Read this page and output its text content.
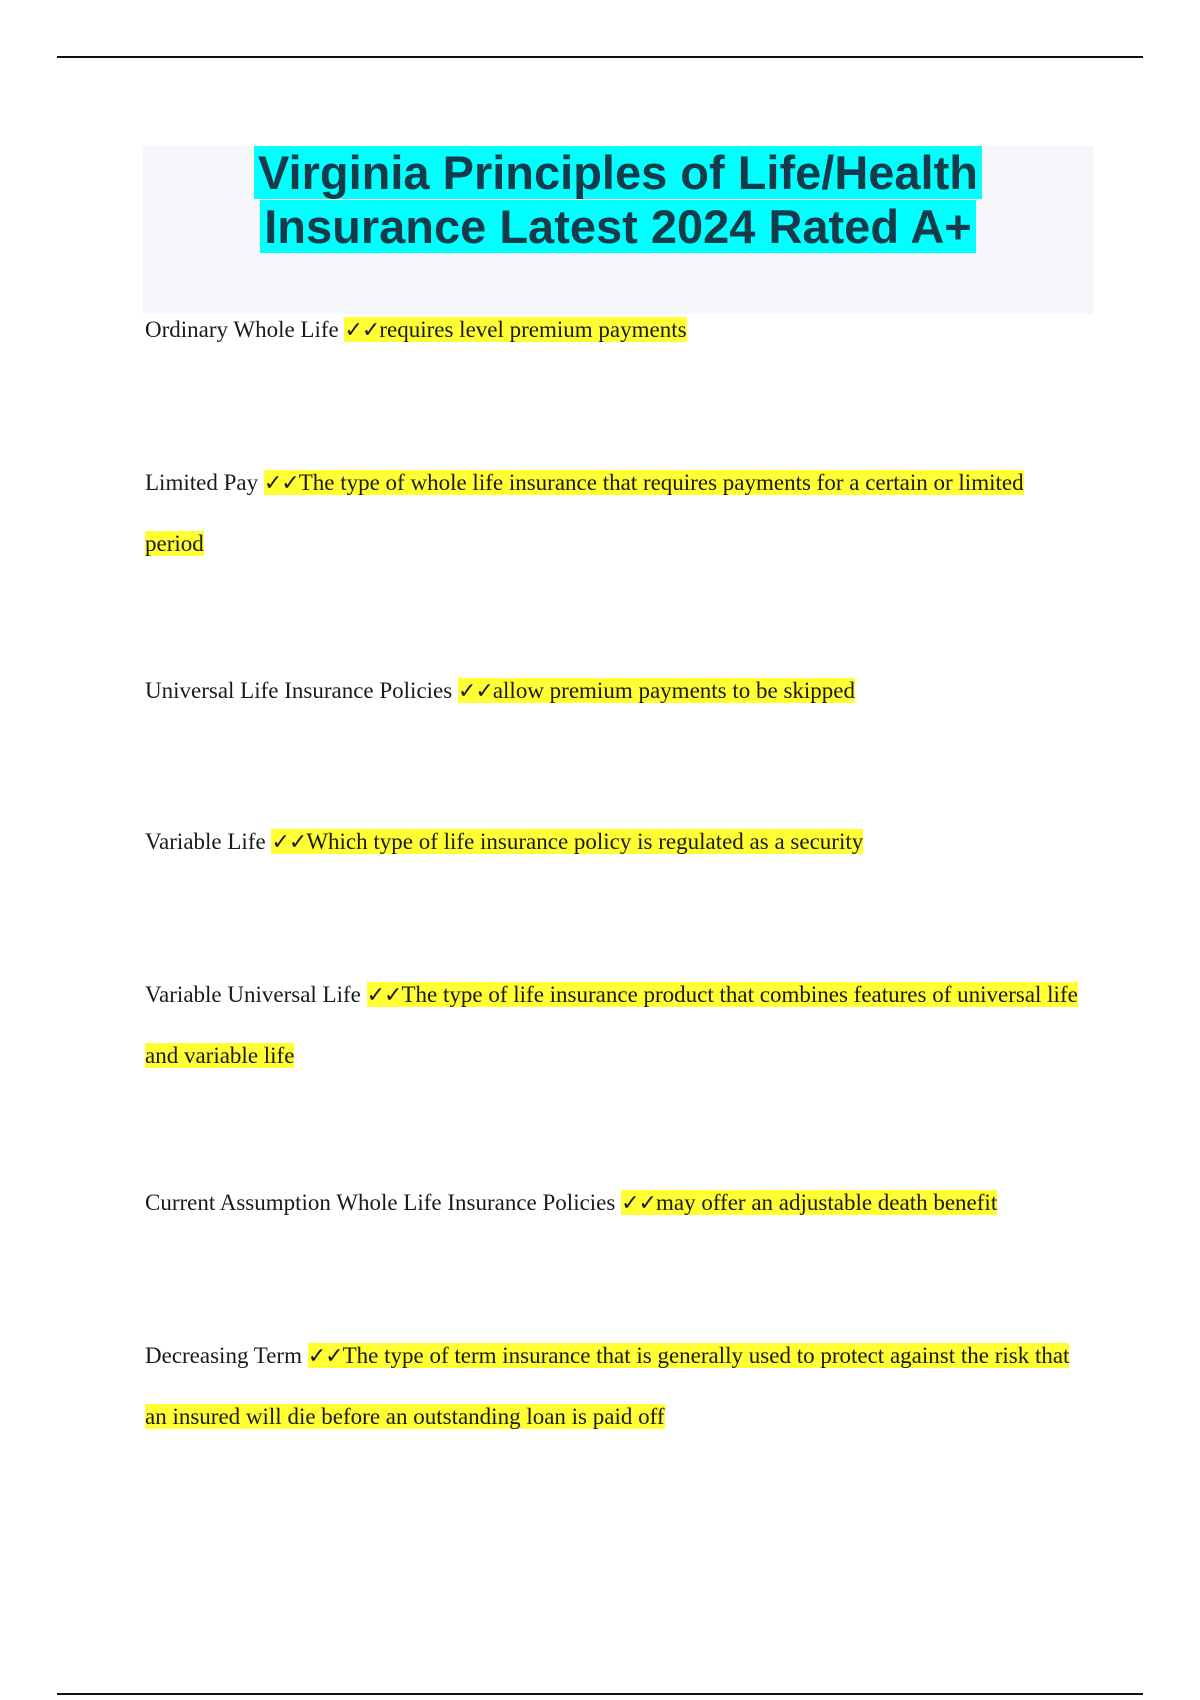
Virginia Principles of Life/Health
Insurance Latest 2024 Rated A+
Ordinary Whole Life ✓✓requires level premium payments
Limited Pay ✓✓The type of whole life insurance that requires payments for a certain or limited period
Universal Life Insurance Policies ✓✓allow premium payments to be skipped
Variable Life ✓✓Which type of life insurance policy is regulated as a security
Variable Universal Life ✓✓The type of life insurance product that combines features of universal life and variable life
Current Assumption Whole Life Insurance Policies ✓✓may offer an adjustable death benefit
Decreasing Term ✓✓The type of term insurance that is generally used to protect against the risk that an insured will die before an outstanding loan is paid off
